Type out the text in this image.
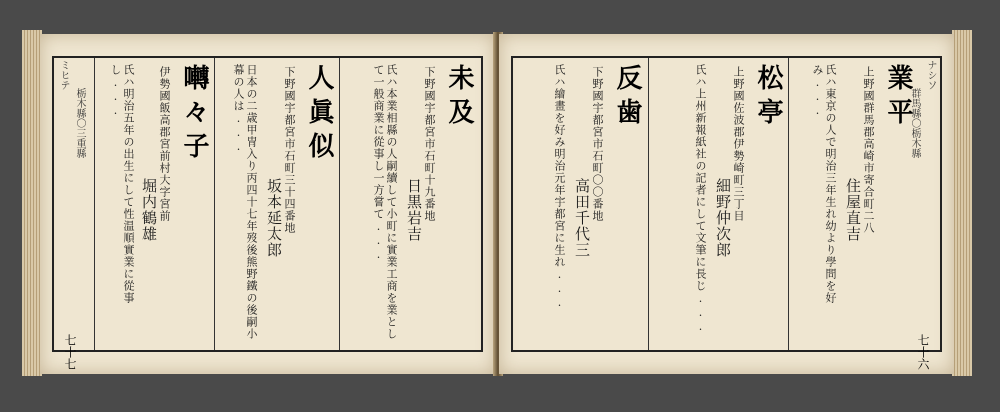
ミヒテ
栃木縣〇三重縣	囀々子
伊勢國飯高郡宮前村大字宮前
堀内鶴雄
氏ハ明治五年の出生にして性温順實業に從事し...	人眞似
下野國宇都宮市石町三十四番地
坂本延太郎
日本の二歳甲冑入り丙四十七年歿後熊野鐵の後嗣小幕の人は...	未及
下野國宇都宮市石町十九番地
日黒岩吉
氏ハ本業相縣の人嗣續して小町に實業工商を業として一般商業に從事し一方嘗て...
七十七
反歯
下野國宇都宮市石町〇〇番地
高田千代三
氏ハ繪畫を好み明治元年宇都宮に生れ...	松亭
上野國佐波郡伊勢崎町三丁目
細野仲次郎
氏ハ上州新報紙社の記者にして文筆に長じ...	業平
上野國群馬郡高崎市寄合町二八
住屋直吉
氏ハ東京の人で明治三年生れ幼より學問を好み...	群馬縣〇栃木縣
ナシソ
七十六
